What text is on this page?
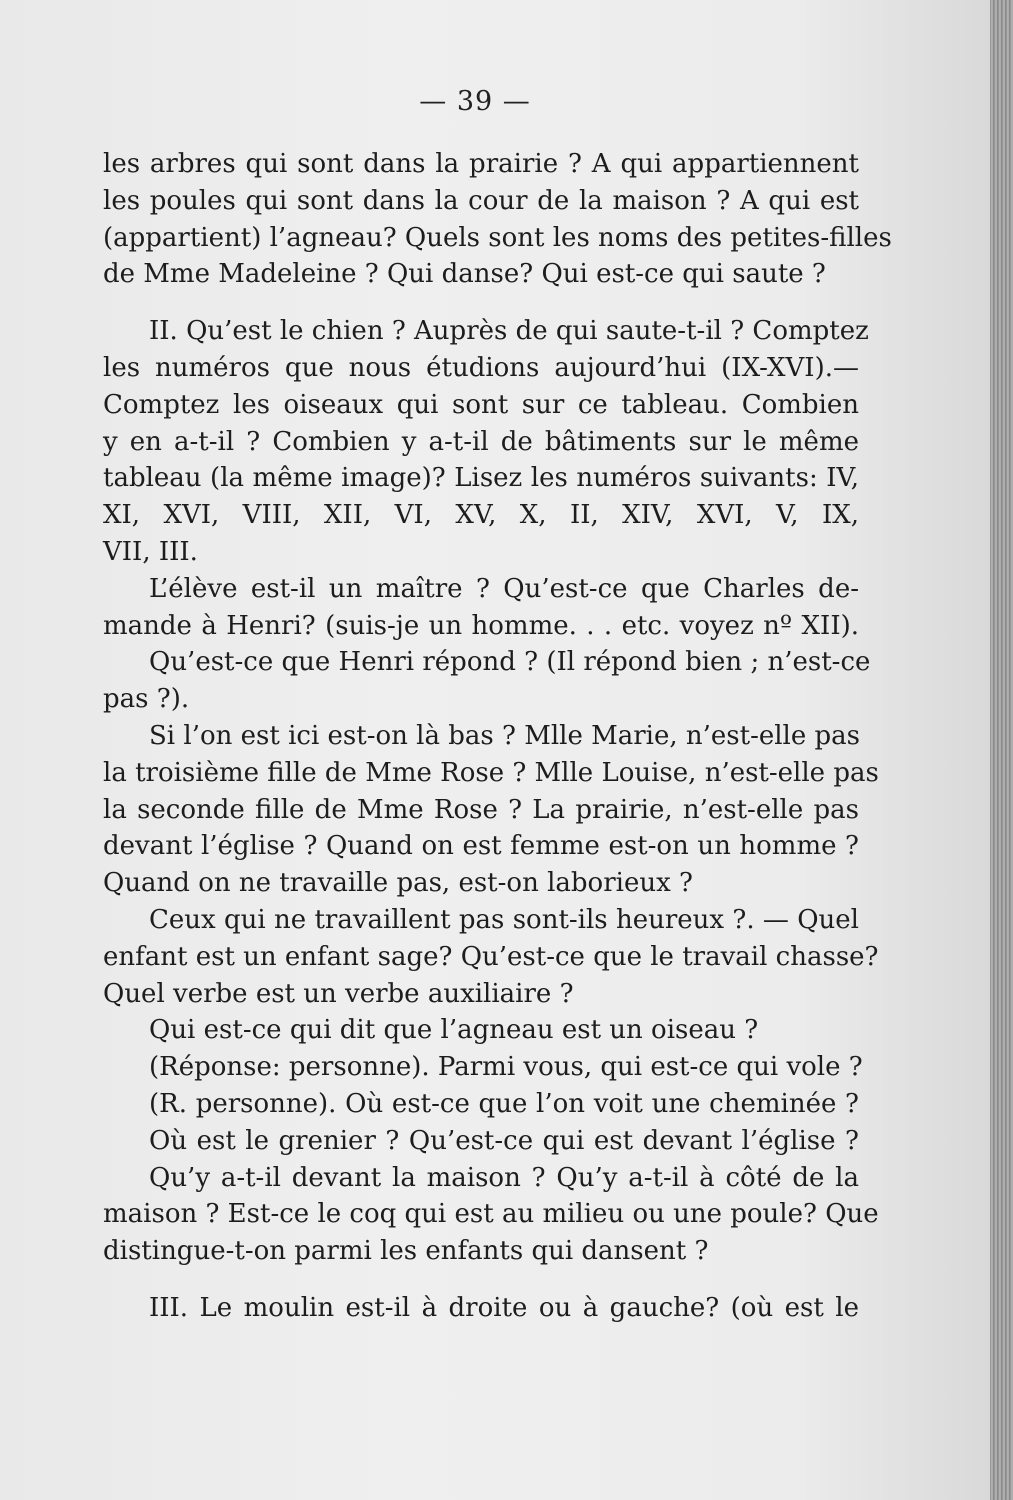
— 39 —
les arbres qui sont dans la prairie ? A qui appartiennent
les poules qui sont dans la cour de la maison ? A qui est
(appartient) l’agneau? Quels sont les noms des petites-filles
de Mme Madeleine ? Qui danse? Qui est-ce qui saute ?
II. Qu’est le chien ? Auprès de qui saute-t-il ? Comptez
les numéros que nous étudions aujourd’hui (IX-XVI).—
Comptez les oiseaux qui sont sur ce tableau. Combien
y en a-t-il ? Combien y a-t-il de bâtiments sur le même
tableau (la même image)? Lisez les numéros suivants: IV,
XI, XVI, VIII, XII, VI, XV, X, II, XIV, XVI, V, IX,
VII, III.
L’élève est-il un maître ? Qu’est-ce que Charles de-
mande à Henri? (suis-je un homme. . . etc. voyez nº XII).
Qu’est-ce que Henri répond ? (Il répond bien ; n’est-ce
pas ?).
Si l’on est ici est-on là bas ? Mlle Marie, n’est-elle pas
la troisième fille de Mme Rose ? Mlle Louise, n’est-elle pas
la seconde fille de Mme Rose ? La prairie, n’est-elle pas
devant l’église ? Quand on est femme est-on un homme ?
Quand on ne travaille pas, est-on laborieux ?
Ceux qui ne travaillent pas sont-ils heureux ?. — Quel
enfant est un enfant sage? Qu’est-ce que le travail chasse?
Quel verbe est un verbe auxiliaire ?
Qui est-ce qui dit que l’agneau est un oiseau ?
(Réponse: personne). Parmi vous, qui est-ce qui vole ?
(R. personne). Où est-ce que l’on voit une cheminée ?
Où est le grenier ? Qu’est-ce qui est devant l’église ?
Qu’y a-t-il devant la maison ? Qu’y a-t-il à côté de la
maison ? Est-ce le coq qui est au milieu ou une poule? Que
distingue-t-on parmi les enfants qui dansent ?
III. Le moulin est-il à droite ou à gauche? (où est le
